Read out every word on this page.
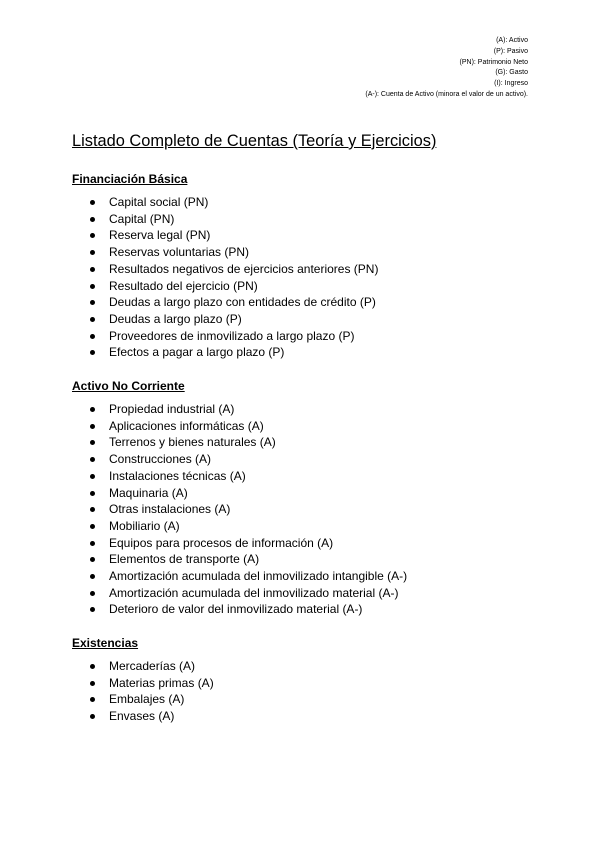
(A): Activo
(P): Pasivo
(PN): Patrimonio Neto
(G): Gasto
(I): Ingreso
(A-): Cuenta de Activo (minora el valor de un activo).
Listado Completo de Cuentas (Teoría y Ejercicios)
Financiación Básica
Capital social (PN)
Capital (PN)
Reserva legal (PN)
Reservas voluntarias (PN)
Resultados negativos de ejercicios anteriores (PN)
Resultado del ejercicio (PN)
Deudas a largo plazo con entidades de crédito (P)
Deudas a largo plazo (P)
Proveedores de inmovilizado a largo plazo (P)
Efectos a pagar a largo plazo (P)
Activo No Corriente
Propiedad industrial (A)
Aplicaciones informáticas (A)
Terrenos y bienes naturales (A)
Construcciones (A)
Instalaciones técnicas (A)
Maquinaria (A)
Otras instalaciones (A)
Mobiliario (A)
Equipos para procesos de información (A)
Elementos de transporte (A)
Amortización acumulada del inmovilizado intangible (A-)
Amortización acumulada del inmovilizado material (A-)
Deterioro de valor del inmovilizado material (A-)
Existencias
Mercaderías (A)
Materias primas (A)
Embalajes (A)
Envases (A)
